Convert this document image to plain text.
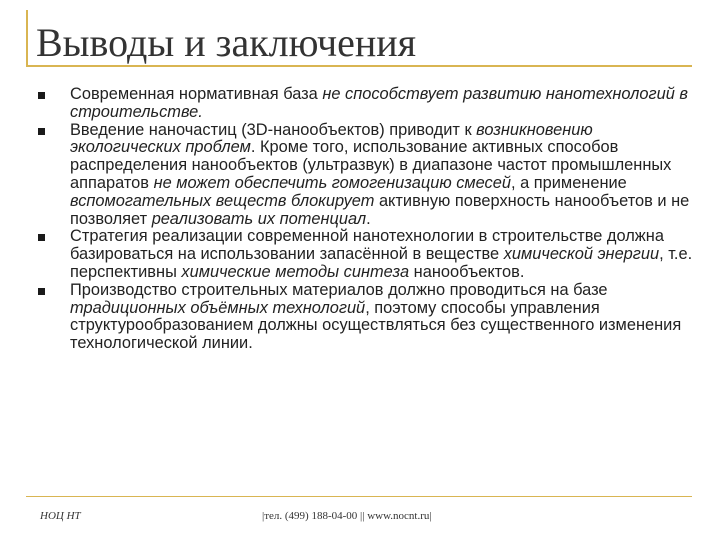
Выводы и заключения
Современная нормативная база не способствует развитию нанотехнологий в строительстве.
Введение наночастиц (3D-нанообъектов) приводит к возникновению экологических проблем. Кроме того, использование активных способов распределения нанообъектов (ультразвук) в диапазоне частот промышленных аппаратов не может обеспечить гомогенизацию смесей, а применение вспомогательных веществ блокирует активную поверхность нанообъетов и не позволяет реализовать их потенциал.
Стратегия реализации современной нанотехнологии в строительстве должна базироваться на использовании запасённой в веществе химической энергии, т.е. перспективны химические методы синтеза нанообъектов.
Производство строительных материалов должно проводиться на базе традиционных объёмных технологий, поэтому способы управления структурообразованием должны осуществляться без существенного изменения технологической линии.
НОЦ НТ	|тел. (499) 188-04-00 || www.nocnt.ru|
